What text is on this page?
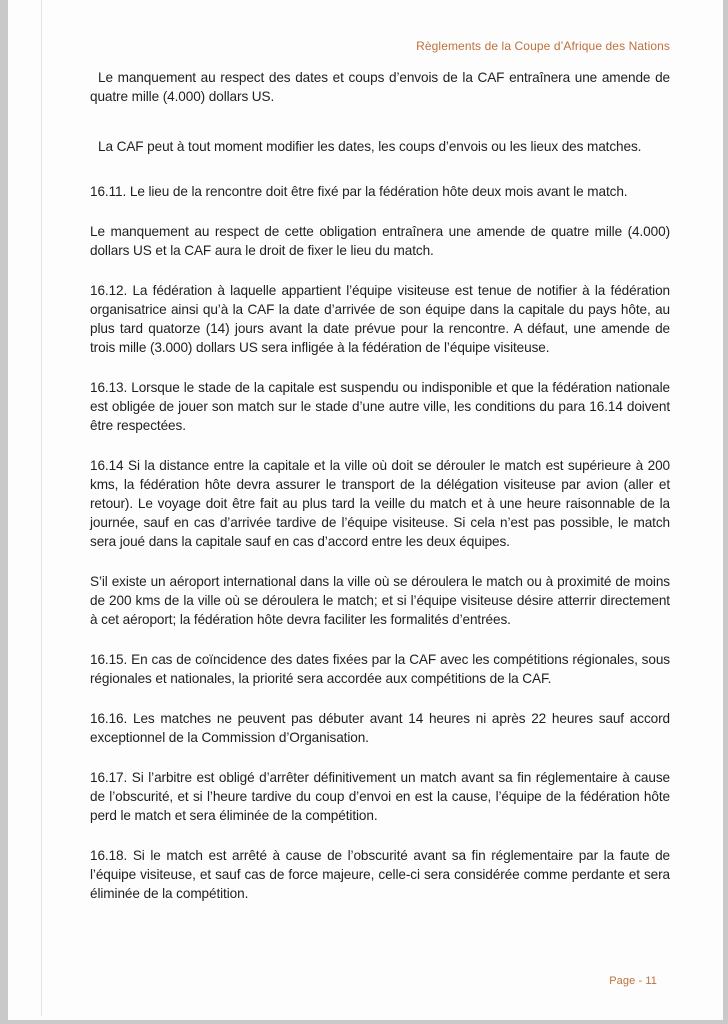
Règlements de la Coupe d’Afrique des Nations

Le manquement au respect des dates et coups d’envois de la CAF entraînera une amende de quatre mille (4.000) dollars US.

La CAF peut à tout moment modifier les dates, les coups d’envois ou les lieux des matches.

16.11. Le lieu de la rencontre doit être fixé par la fédération hôte deux mois avant le match.

Le manquement au respect de cette obligation entraînera une amende de quatre mille (4.000) dollars US et la CAF aura le droit de fixer le lieu du match.

16.12. La fédération à laquelle appartient l’équipe visiteuse est tenue de notifier à la fédération organisatrice ainsi qu’à la CAF la date d’arrivée de son équipe dans la capitale du pays hôte, au plus tard quatorze (14) jours avant la date prévue pour la rencontre. A défaut, une amende de trois mille (3.000) dollars US sera infligée à la fédération de l’équipe visiteuse.

16.13. Lorsque le stade de la capitale est suspendu ou indisponible et que la fédération nationale est obligée de jouer son match sur le stade d’une autre ville, les conditions du para 16.14 doivent être respectées.

16.14 Si la distance entre la capitale et la ville où doit se dérouler le match est supérieure à 200 kms, la fédération hôte devra assurer le transport de la délégation visiteuse par avion (aller et retour). Le voyage doit être fait au plus tard la veille du match et à une heure raisonnable de la journée, sauf en cas d’arrivée tardive de l’équipe visiteuse. Si cela n’est pas possible, le match sera joué dans la capitale sauf en cas d’accord entre les deux équipes.

S’il existe un aéroport international dans la ville où se déroulera le match ou à proximité de moins de 200 kms de la ville où se déroulera le match; et si l’équipe visiteuse désire atterrir directement à cet aéroport; la fédération hôte devra faciliter les formalités d’entrées.

16.15. En cas de coïncidence des dates fixées par la CAF avec les compétitions régionales, sous régionales et nationales, la priorité sera accordée aux compétitions de la CAF.

16.16. Les matches ne peuvent pas débuter avant 14 heures ni après 22 heures sauf accord exceptionnel de la Commission d’Organisation.

16.17. Si l’arbitre est obligé d’arrêter définitivement un match avant sa fin réglementaire à cause de l’obscurité, et si l’heure tardive du coup d’envoi en est la cause, l’équipe de la fédération hôte perd le match et sera éliminée de la compétition.

16.18. Si le match est arrêté à cause de l’obscurité avant sa fin réglementaire par la faute de l’équipe visiteuse, et sauf cas de force majeure, celle-ci sera considérée comme perdante et sera éliminée de la compétition.

Page - 11
